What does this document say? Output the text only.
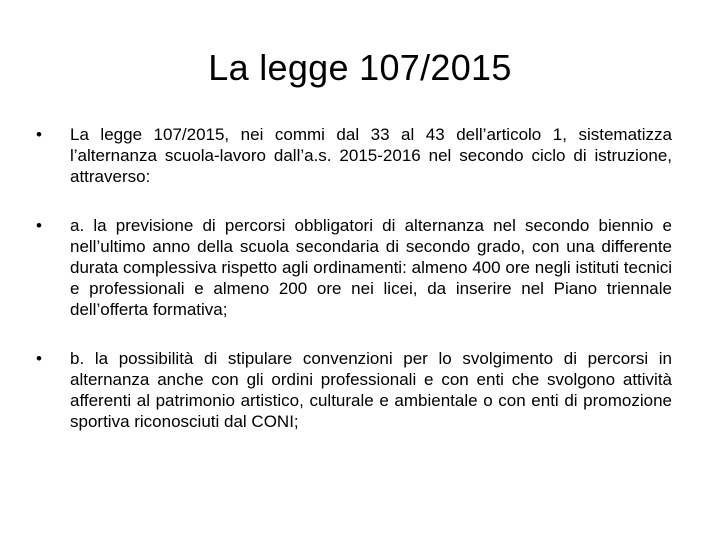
La legge 107/2015
•	La legge 107/2015, nei commi dal 33 al 43 dell’articolo 1, sistematizza l’alternanza scuola-lavoro dall’a.s. 2015-2016 nel secondo ciclo di istruzione, attraverso:
•	a. la previsione di percorsi obbligatori di alternanza nel secondo biennio e nell’ultimo anno della scuola secondaria di secondo grado, con una differente durata complessiva rispetto agli ordinamenti: almeno 400 ore negli istituti tecnici e professionali e almeno 200 ore nei licei, da inserire nel Piano triennale dell’offerta formativa;
•	b. la possibilità di stipulare convenzioni per lo svolgimento di percorsi in alternanza anche con gli ordini professionali e con enti che svolgono attività afferenti al patrimonio artistico, culturale e ambientale o con enti di promozione sportiva riconosciuti dal CONI;
